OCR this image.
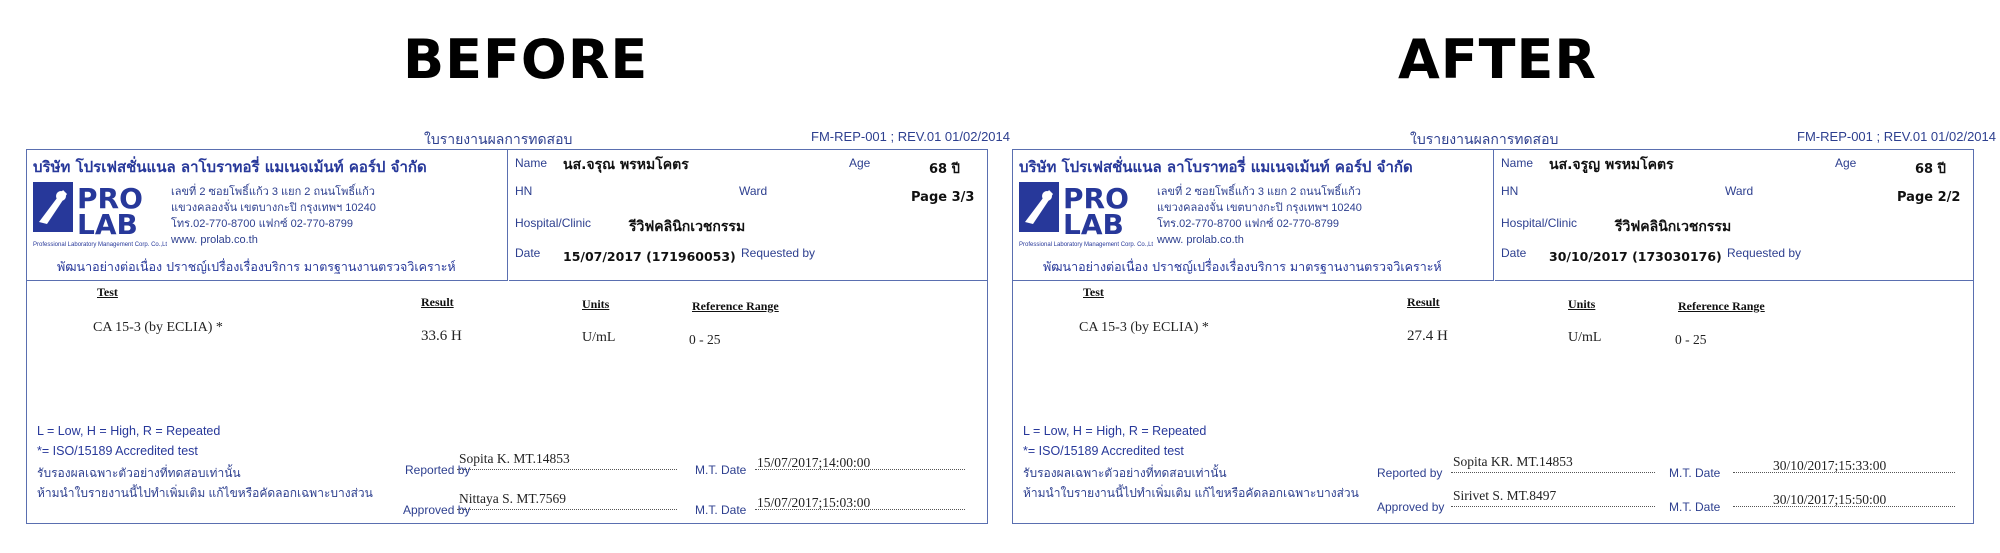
BEFORE	AFTER
ใบรายงานผลการทดสอบ	FM-REP-001 ; REV.01 01/02/2014
บริษัท โปรเฟสชั่นแนล ลาโบราทอรี่ แมเนจเม้นท์ คอร์ป จำกัด
PRO
LAB
Professional Laboratory Management Corp. Co.,Ltd.
เลขที่ 2 ซอยโพธิ์แก้ว 3 แยก 2 ถนนโพธิ์แก้ว
แขวงคลองจั่น เขตบางกะปิ กรุงเทพฯ 10240
โทร.02-770-8700 แฟกซ์ 02-770-8799
www. prolab.co.th
พัฒนาอย่างต่อเนื่อง ปราชญ์เปรื่องเรื่องบริการ มาตรฐานงานตรวจวิเคราะห์
Name นส.จรุณ พรหมโคตร	Age	68 ปี
HN	Ward	Page 3/3
Hospital/Clinic	รีวิฟคลินิกเวชกรรม
Date 15/07/2017 (171960053) Requested by
Test
Result	Units	Reference Range
CA 15-3 (by ECLIA) *
33.6 H	U/mL	0 - 25
L = Low, H = High, R = Repeated
*= ISO/15189 Accredited test
รับรองผลเฉพาะตัวอย่างที่ทดสอบเท่านั้น
ห้ามนำใบรายงานนี้ไปทำเพิ่มเติม แก้ไขหรือคัดลอกเฉพาะบางส่วน
Reported by
Sopita K. MT.14853
M.T. Date 15/07/2017;14:00:00
Approved by
Nittaya S. MT.7569
M.T. Date 15/07/2017;15:03:00
ใบรายงานผลการทดสอบ	FM-REP-001 ; REV.01 01/02/2014
บริษัท โปรเฟสชั่นแนล ลาโบราทอรี่ แมเนจเม้นท์ คอร์ป จำกัด
PRO
LAB
Professional Laboratory Management Corp. Co.,Ltd.
เลขที่ 2 ซอยโพธิ์แก้ว 3 แยก 2 ถนนโพธิ์แก้ว
แขวงคลองจั่น เขตบางกะปิ กรุงเทพฯ 10240
โทร.02-770-8700 แฟกซ์ 02-770-8799
www. prolab.co.th
พัฒนาอย่างต่อเนื่อง ปราชญ์เปรื่องเรื่องบริการ มาตรฐานงานตรวจวิเคราะห์
Name นส.จรูญ พรหมโคตร	Age	68 ปี
HN	Ward	Page 2/2
Hospital/Clinic	รีวิฟคลินิกเวชกรรม
Date 30/10/2017 (173030176) Requested by
Test
Result	Units	Reference Range
CA 15-3 (by ECLIA) *
27.4 H	U/mL	0 - 25
L = Low, H = High, R = Repeated
*= ISO/15189 Accredited test
รับรองผลเฉพาะตัวอย่างที่ทดสอบเท่านั้น
ห้ามนำใบรายงานนี้ไปทำเพิ่มเติม แก้ไขหรือคัดลอกเฉพาะบางส่วน
Reported by
Sopita KR. MT.14853
M.T. Date	30/10/2017;15:33:00
Approved by
Sirivet S. MT.8497
M.T. Date	30/10/2017;15:50:00
